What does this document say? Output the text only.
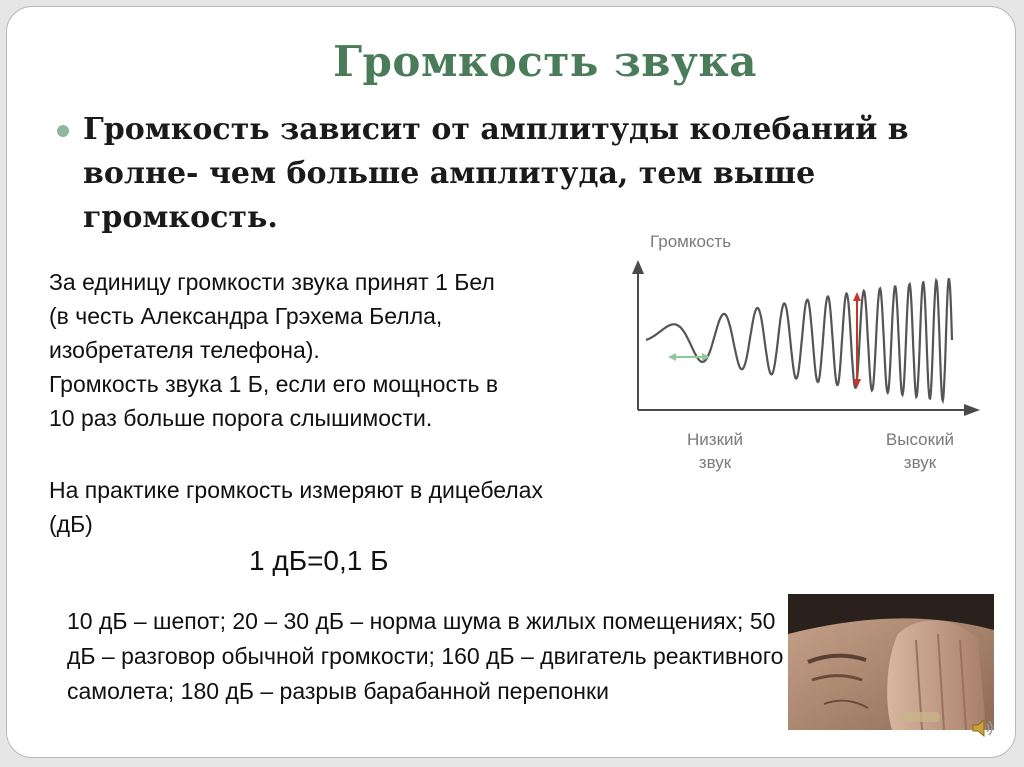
Громкость звука
Громкость зависит от амплитуды колебаний в волне- чем больше амплитуда, тем выше громкость.
За единицу громкости звука принят 1 Бел
(в честь Александра Грэхема Белла,
изобретателя телефона).
Громкость звука 1 Б, если его мощность в
10 раз больше порога слышимости.
На практике громкость измеряют в дицебелах (дБ)
1 дБ=0,1 Б
10 дБ – шепот; 20 – 30 дБ – норма шума в жилых помещениях; 50 дБ – разговор обычной громкости; 160 дБ – двигатель реактивного самолета; 180 дБ – разрыв барабанной перепонки
Громкость
Низкий
звук
Высокий
звук
